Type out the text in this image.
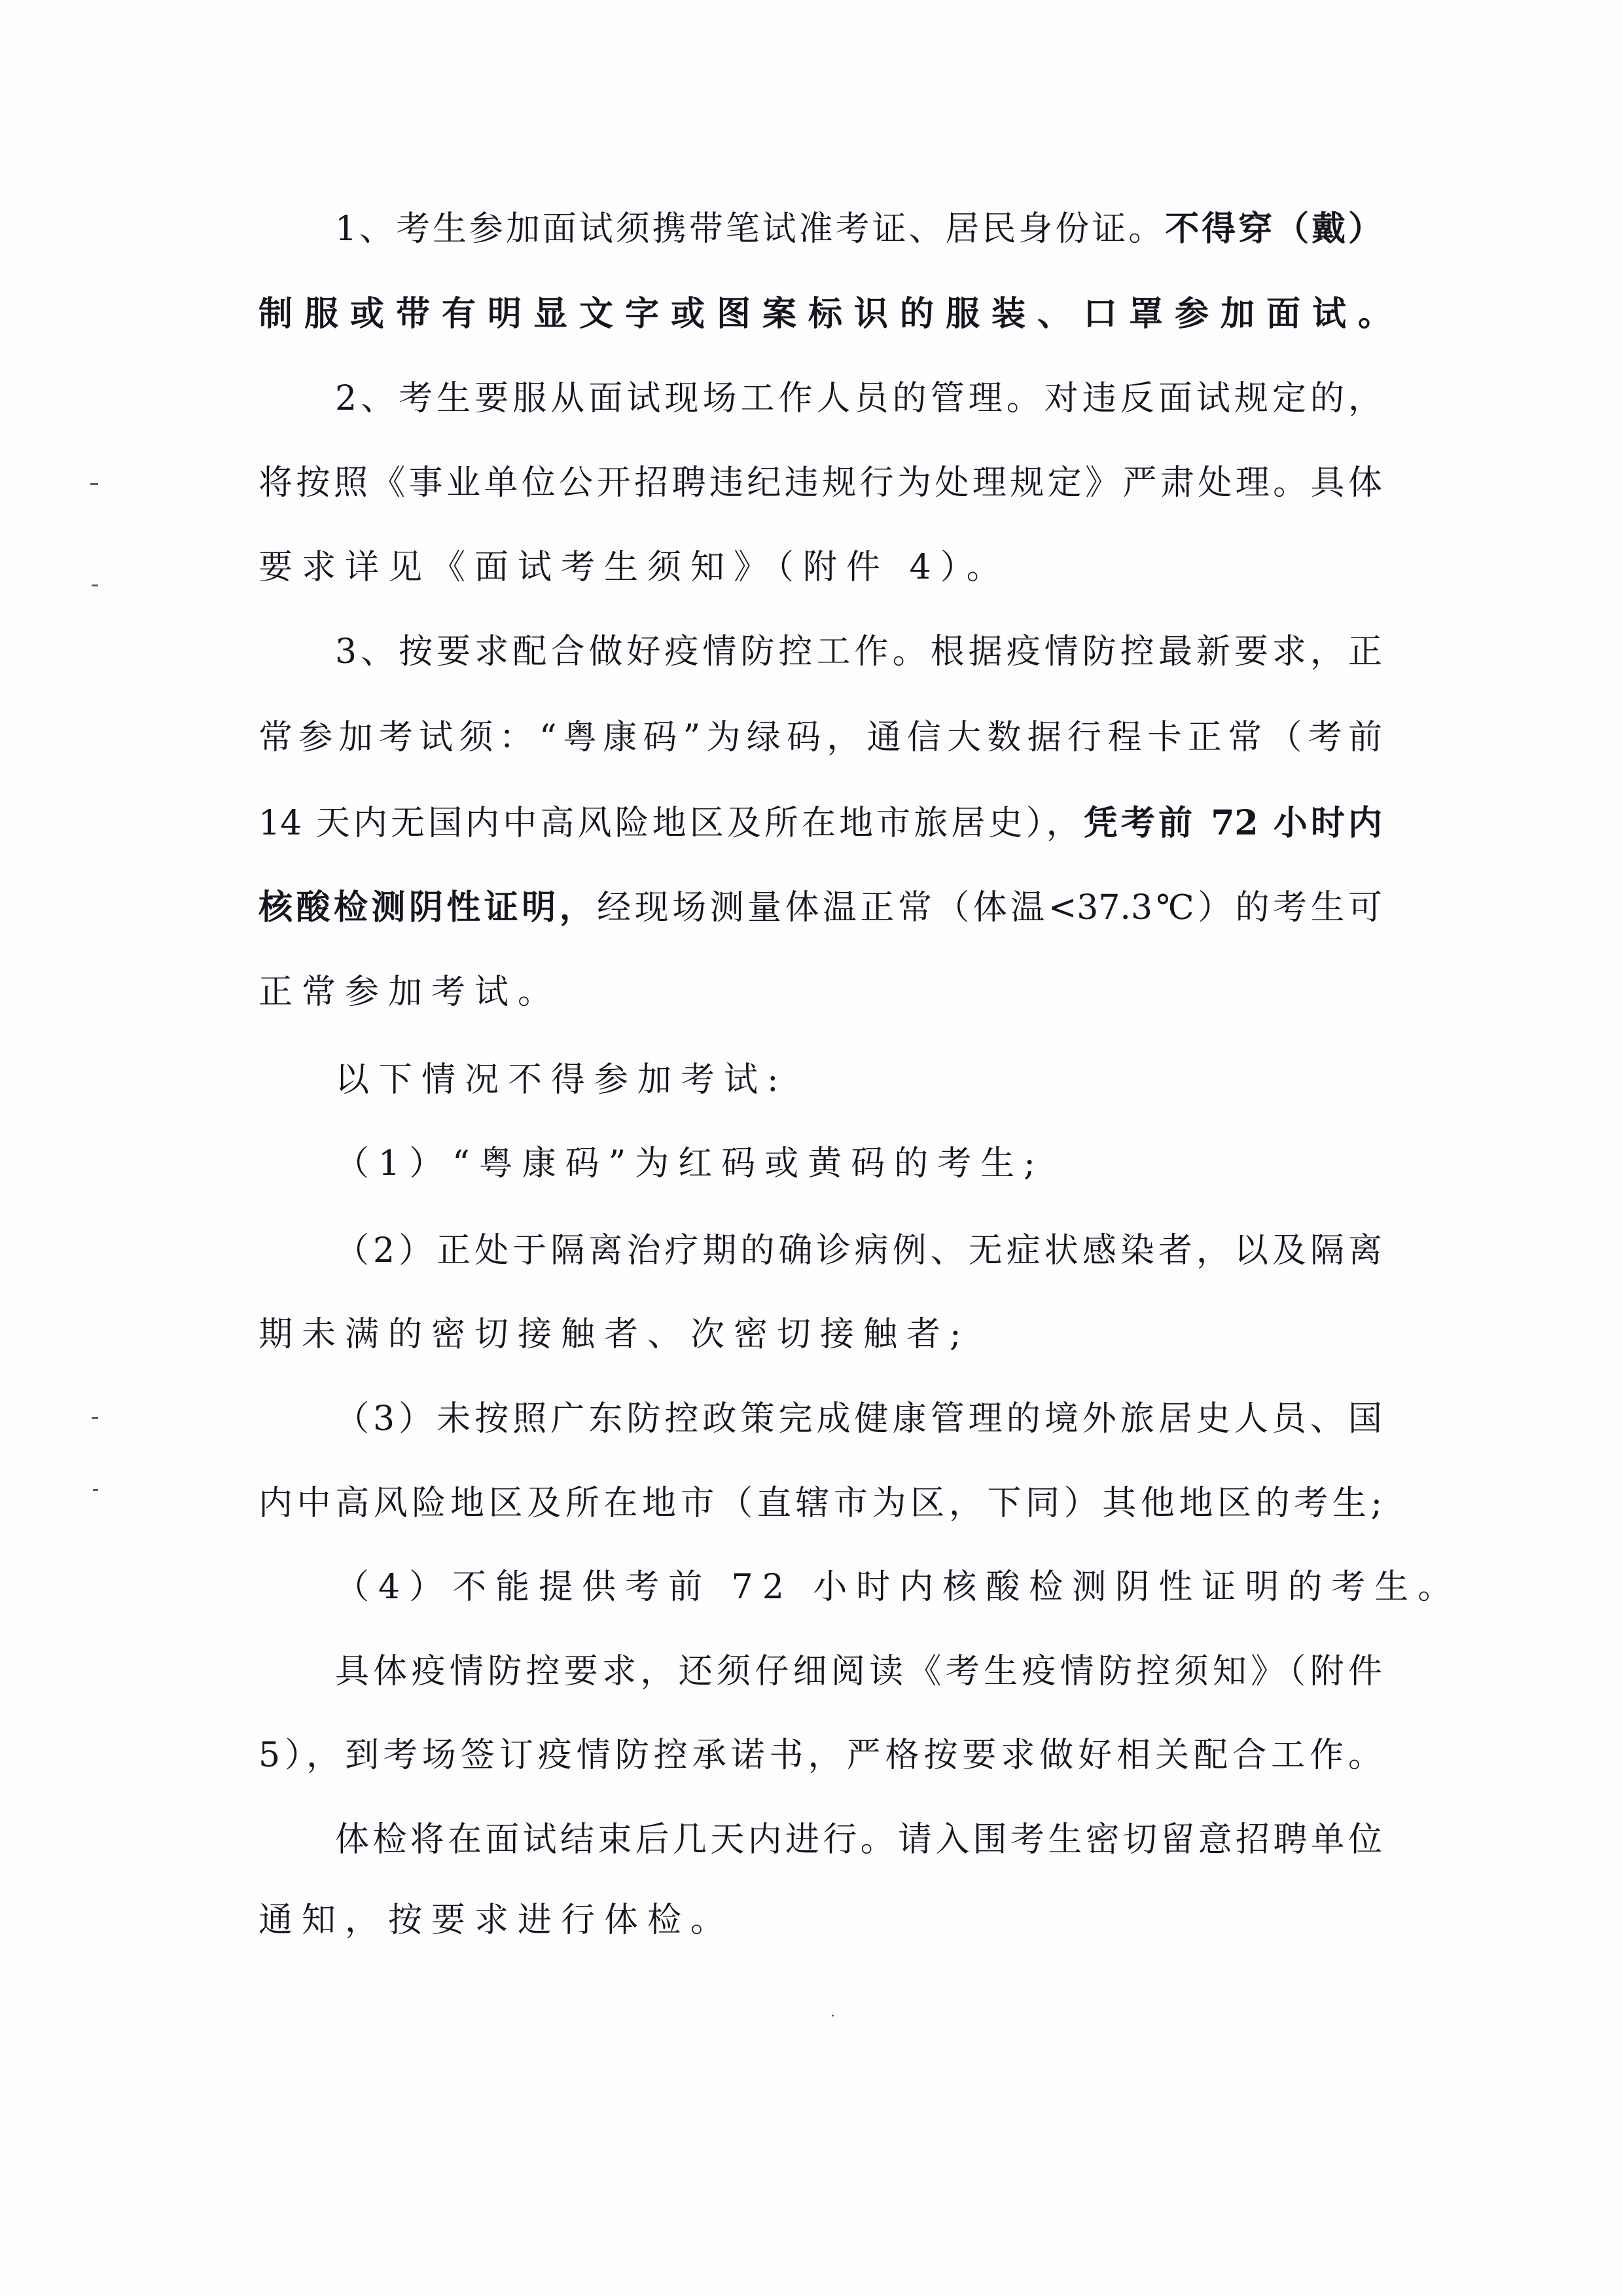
1、考生参加面试须携带笔试准考证、居民身份证。不得穿（戴）
制服或带有明显文字或图案标识的服装、口罩参加面试。
2、考生要服从面试现场工作人员的管理。对违反面试规定的，
将按照《事业单位公开招聘违纪违规行为处理规定》严肃处理。具体
要求详见《面试考生须知》（附件 4）。
3、按要求配合做好疫情防控工作。根据疫情防控最新要求，正
常参加考试须：“粤康码”为绿码，通信大数据行程卡正常（考前
14 天内无国内中高风险地区及所在地市旅居史），凭考前 72 小时内
核酸检测阴性证明，经现场测量体温正常（体温<37.3℃）的考生可
正常参加考试。
以下情况不得参加考试:
（1）“粤康码”为红码或黄码的考生;
（2）正处于隔离治疗期的确诊病例、无症状感染者，以及隔离
期未满的密切接触者、次密切接触者;
（3）未按照广东防控政策完成健康管理的境外旅居史人员、国
内中高风险地区及所在地市（直辖市为区，下同）其他地区的考生;
（4）不能提供考前 72 小时内核酸检测阴性证明的考生。
具体疫情防控要求，还须仔细阅读《考生疫情防控须知》（附件
5），到考场签订疫情防控承诺书，严格按要求做好相关配合工作。
体检将在面试结束后几天内进行。请入围考生密切留意招聘单位
通知，按要求进行体检。
